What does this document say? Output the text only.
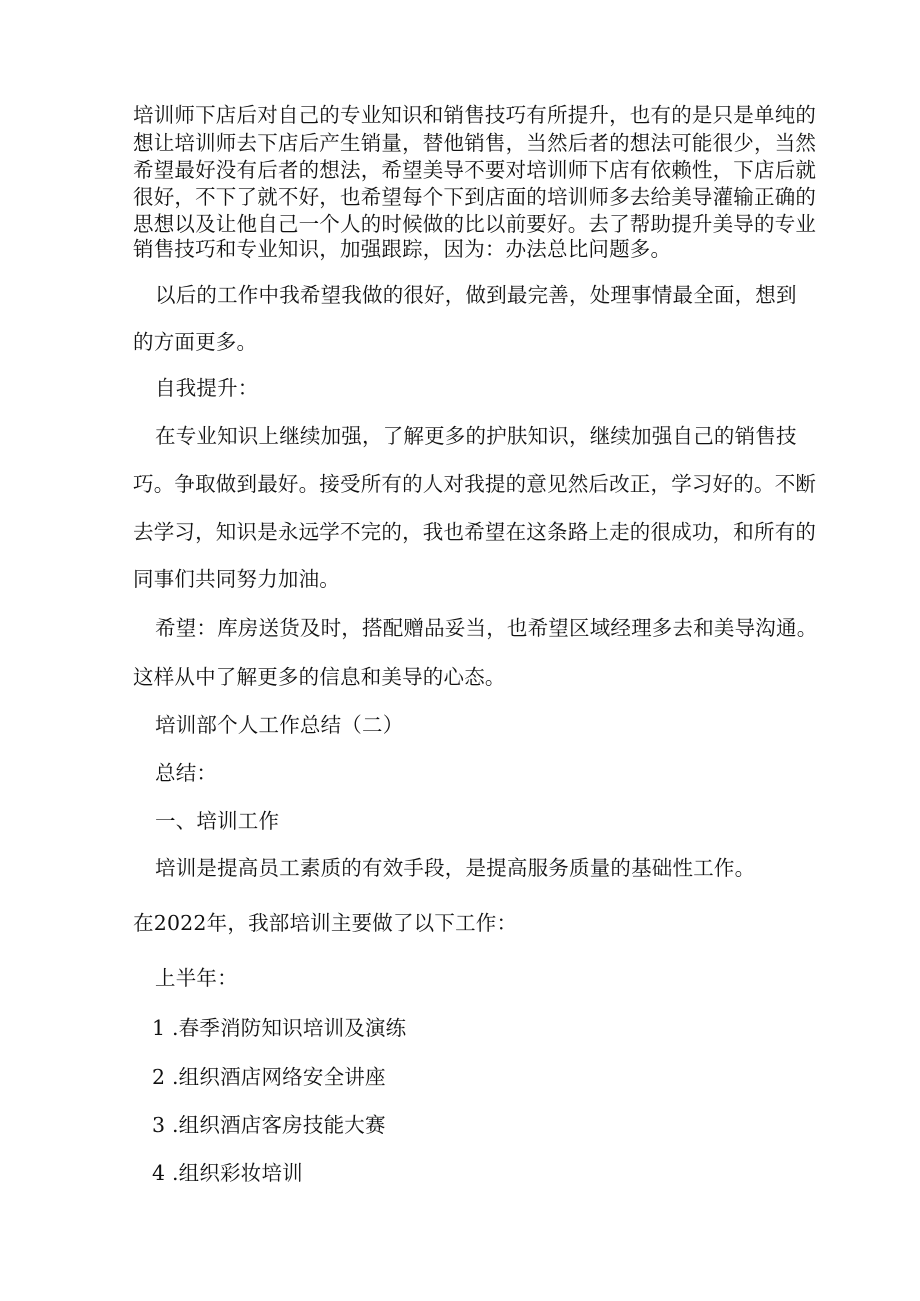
培训师下店后对自己的专业知识和销售技巧有所提升，也有的是只是单纯的
想让培训师去下店后产生销量，替他销售，当然后者的想法可能很少，当然
希望最好没有后者的想法，希望美导不要对培训师下店有依赖性，下店后就
很好，不下了就不好，也希望每个下到店面的培训师多去给美导灌输正确的
思想以及让他自己一个人的时候做的比以前要好。去了帮助提升美导的专业
销售技巧和专业知识，加强跟踪，因为：办法总比问题多。
以后的工作中我希望我做的很好，做到最完善，处理事情最全面，想到
的方面更多。
自我提升：
在专业知识上继续加强，了解更多的护肤知识，继续加强自己的销售技
巧。争取做到最好。接受所有的人对我提的意见然后改正，学习好的。不断
去学习，知识是永远学不完的，我也希望在这条路上走的很成功，和所有的
同事们共同努力加油。
希望：库房送货及时，搭配赠品妥当，也希望区域经理多去和美导沟通。
这样从中了解更多的信息和美导的心态。
培训部个人工作总结（二）
总结：
一、培训工作
培训是提高员工素质的有效手段，是提高服务质量的基础性工作。
在2022年，我部培训主要做了以下工作：
上半年：
1 .春季消防知识培训及演练
2 .组织酒店网络安全讲座
3 .组织酒店客房技能大赛
4 .组织彩妆培训
